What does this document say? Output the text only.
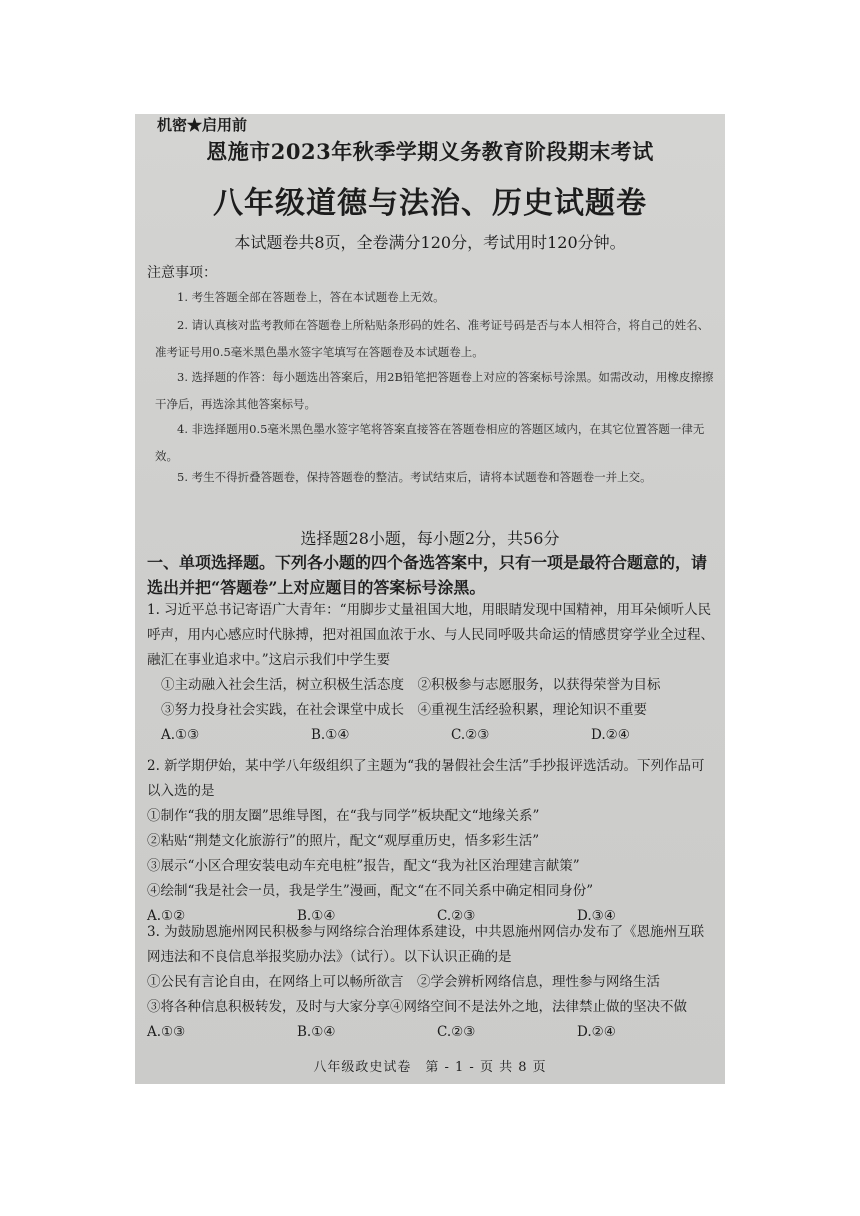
机密★启用前
恩施市2023年秋季学期义务教育阶段期末考试
八年级道德与法治、历史试题卷
本试题卷共8页，全卷满分120分，考试用时120分钟。
注意事项：
1. 考生答题全部在答题卷上，答在本试题卷上无效。
2. 请认真核对监考教师在答题卷上所粘贴条形码的姓名、准考证号码是否与本人相符合，将自己的姓名、准考证号用0.5毫米黑色墨水签字笔填写在答题卷及本试题卷上。
3. 选择题的作答：每小题选出答案后，用2B铅笔把答题卷上对应的答案标号涂黑。如需改动，用橡皮擦擦干净后，再选涂其他答案标号。
4. 非选择题用0.5毫米黑色墨水签字笔将答案直接答在答题卷相应的答题区域内，在其它位置答题一律无效。
5. 考生不得折叠答题卷，保持答题卷的整洁。考试结束后，请将本试题卷和答题卷一并上交。
选择题28小题，每小题2分，共56分
一、单项选择题。下列各小题的四个备选答案中，只有一项是最符合题意的，请选出并把“答题卷”上对应题目的答案标号涂黑。
1. 习近平总书记寄语广大青年：“用脚步丈量祖国大地，用眼睛发现中国精神，用耳朵倾听人民呼声，用内心感应时代脉搏，把对祖国血浓于水、与人民同呼吸共命运的情感贯穿学业全过程、融汇在事业追求中。”这启示我们中学生要
①主动融入社会生活，树立积极生活态度　②积极参与志愿服务，以获得荣誉为目标
③努力投身社会实践，在社会课堂中成长　④重视生活经验积累，理论知识不重要
A.①③	B.①④	C.②③	D.②④
2. 新学期伊始，某中学八年级组织了主题为“我的暑假社会生活”手抄报评选活动。下列作品可以入选的是
①制作“我的朋友圈”思维导图，在“我与同学”板块配文“地缘关系”
②粘贴“荆楚文化旅游行”的照片，配文“观厚重历史，悟多彩生活”
③展示“小区合理安装电动车充电桩”报告，配文“我为社区治理建言献策”
④绘制“我是社会一员，我是学生”漫画，配文“在不同关系中确定相同身份”
A.①②	B.①④	C.②③	D.③④
3. 为鼓励恩施州网民积极参与网络综合治理体系建设，中共恩施州网信办发布了《恩施州互联网违法和不良信息举报奖励办法》（试行）。以下认识正确的是
①公民有言论自由，在网络上可以畅所欲言　②学会辨析网络信息，理性参与网络生活
③将各种信息积极转发，及时与大家分享④网络空间不是法外之地，法律禁止做的坚决不做
A.①③	B.①④	C.②③	D.②④
八年级政史试卷　第 - 1 - 页 共 8 页
